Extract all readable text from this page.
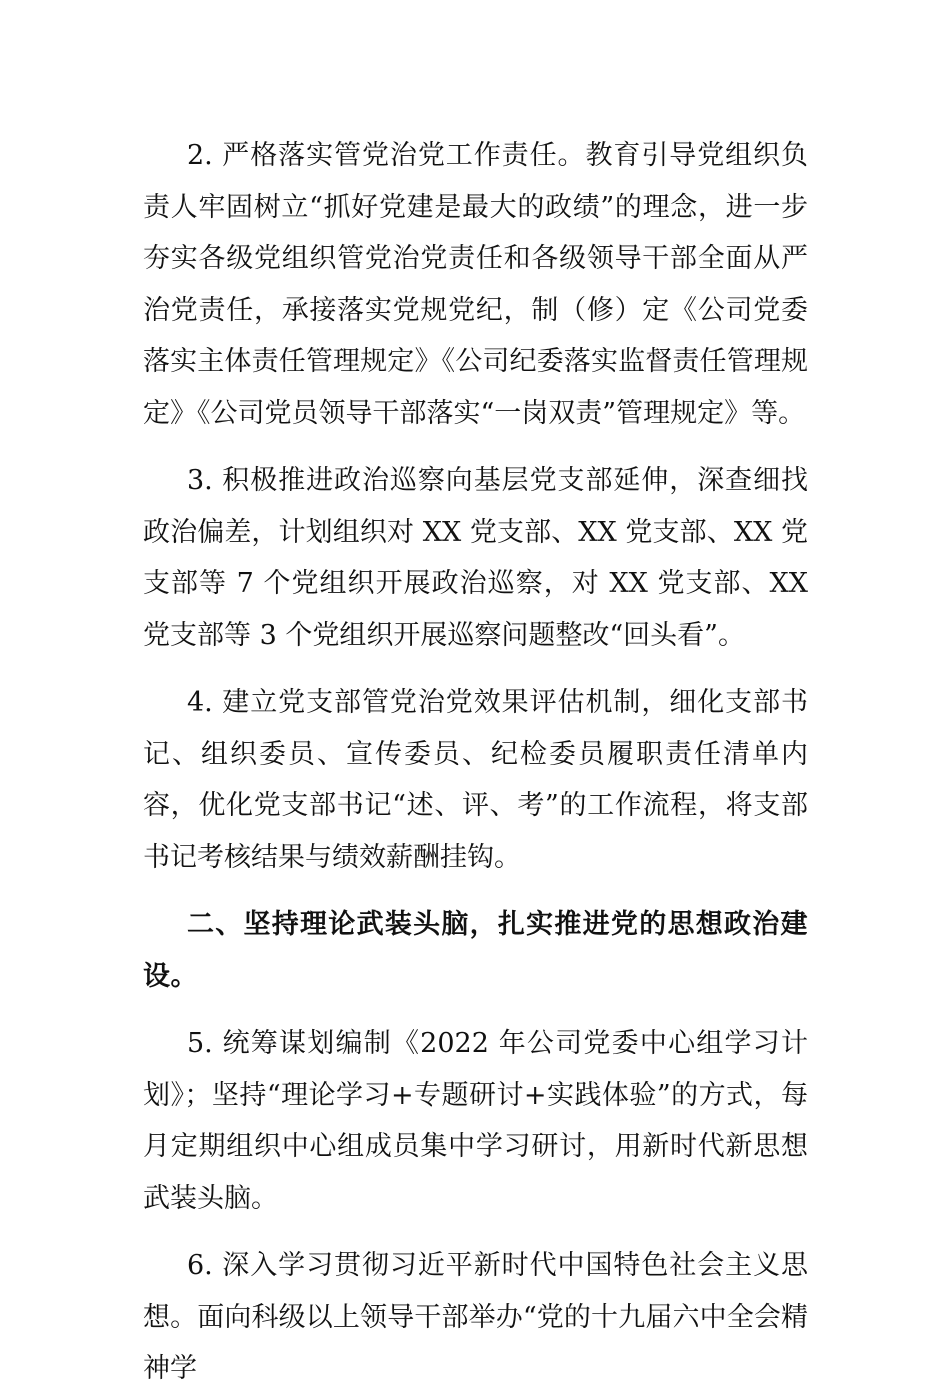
2. 严格落实管党治党工作责任。教育引导党组织负责人牢固树立“抓好党建是最大的政绩”的理念，进一步夯实各级党组织管党治党责任和各级领导干部全面从严治党责任，承接落实党规党纪，制（修）定《公司党委落实主体责任管理规定》《公司纪委落实监督责任管理规定》《公司党员领导干部落实“一岗双责”管理规定》等。

3. 积极推进政治巡察向基层党支部延伸，深查细找政治偏差，计划组织对 XX 党支部、XX 党支部、XX 党支部等 7 个党组织开展政治巡察，对 XX 党支部、XX 党支部等 3 个党组织开展巡察问题整改“回头看”。

4. 建立党支部管党治党效果评估机制，细化支部书记、组织委员、宣传委员、纪检委员履职责任清单内容，优化党支部书记“述、评、考”的工作流程，将支部书记考核结果与绩效薪酬挂钩。

二、坚持理论武装头脑，扎实推进党的思想政治建设。

5. 统筹谋划编制《2022 年公司党委中心组学习计划》；坚持“理论学习+专题研讨+实践体验”的方式，每月定期组织中心组成员集中学习研讨，用新时代新思想武装头脑。

6. 深入学习贯彻习近平新时代中国特色社会主义思想。面向科级以上领导干部举办“党的十九届六中全会精神学
